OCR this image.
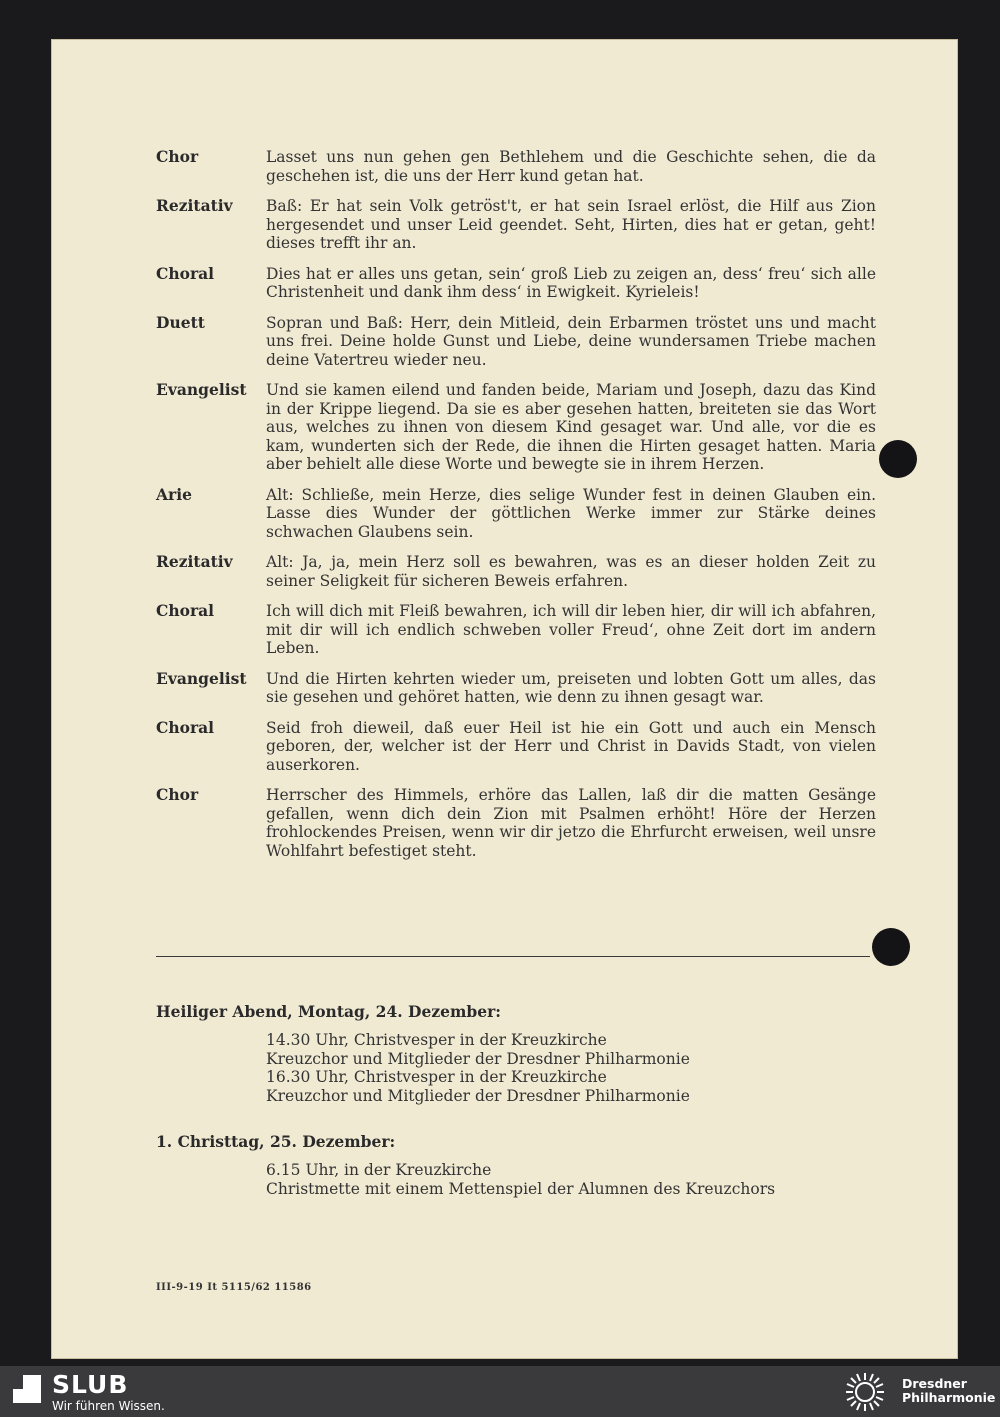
Chor	Lasset uns nun gehen gen Bethlehem und die Geschichte sehen, die da geschehen ist, die uns der Herr kund getan hat.
Rezitativ	Baß: Er hat sein Volk getröst't, er hat sein Israel erlöst, die Hilf aus Zion hergesendet und unser Leid geendet. Seht, Hirten, dies hat er getan, geht! dieses trefft ihr an.
Choral	Dies hat er alles uns getan, sein‘ groß Lieb zu zeigen an, dess‘ freu‘ sich alle Christenheit und dank ihm dess‘ in Ewigkeit. Kyrieleis!
Duett	Sopran und Baß: Herr, dein Mitleid, dein Erbarmen tröstet uns und macht uns frei. Deine holde Gunst und Liebe, deine wundersamen Triebe machen deine Vatertreu wieder neu.
Evangelist	Und sie kamen eilend und fanden beide, Mariam und Joseph, dazu das Kind in der Krippe liegend. Da sie es aber gesehen hatten, breiteten sie das Wort aus, welches zu ihnen von diesem Kind gesaget war. Und alle, vor die es kam, wunderten sich der Rede, die ihnen die Hirten gesaget hatten. Maria aber behielt alle diese Worte und bewegte sie in ihrem Herzen.
Arie	Alt: Schließe, mein Herze, dies selige Wunder fest in deinen Glauben ein. Lasse dies Wunder der göttlichen Werke immer zur Stärke deines schwachen Glaubens sein.
Rezitativ	Alt: Ja, ja, mein Herz soll es bewahren, was es an dieser holden Zeit zu seiner Seligkeit für sicheren Beweis erfahren.
Choral	Ich will dich mit Fleiß bewahren, ich will dir leben hier, dir will ich abfahren, mit dir will ich endlich schweben voller Freud‘, ohne Zeit dort im andern Leben.
Evangelist	Und die Hirten kehrten wieder um, preiseten und lobten Gott um alles, das sie gesehen und gehöret hatten, wie denn zu ihnen gesagt war.
Choral	Seid froh dieweil, daß euer Heil ist hie ein Gott und auch ein Mensch geboren, der, welcher ist der Herr und Christ in Davids Stadt, von vielen auserkoren.
Chor	Herrscher des Himmels, erhöre das Lallen, laß dir die matten Gesänge gefallen, wenn dich dein Zion mit Psalmen erhöht! Höre der Herzen frohlockendes Preisen, wenn wir dir jetzo die Ehrfurcht erweisen, weil unsre Wohlfahrt befestiget steht.
Heiliger Abend, Montag, 24. Dezember:
14.30 Uhr, Christvesper in der Kreuzkirche
Kreuzchor und Mitglieder der Dresdner Philharmonie
16.30 Uhr, Christvesper in der Kreuzkirche
Kreuzchor und Mitglieder der Dresdner Philharmonie
1. Christtag, 25. Dezember:
6.15 Uhr, in der Kreuzkirche
Christmette mit einem Mettenspiel der Alumnen des Kreuzchors
III-9-19 It 5115/62 11586
SLUB
Wir führen Wissen.
Dresdner
Philharmonie
